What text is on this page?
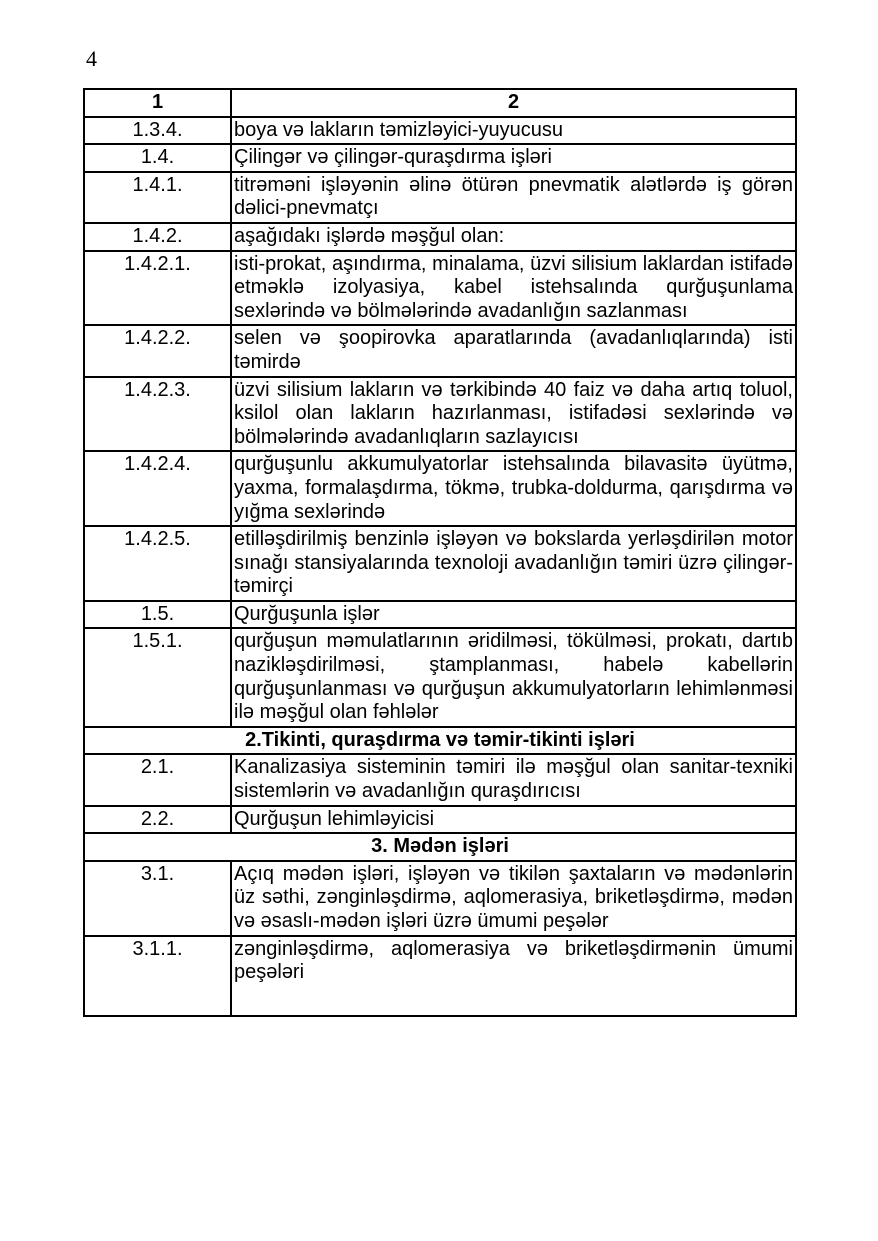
4
1	2
1.3.4.	boya və lakların təmizləyici-yuyucusu
1.4.	Çilingər və çilingər-quraşdırma işləri
1.4.1.	titrəməni işləyənin əlinə ötürən pnevmatik alətlərdə iş görən dəlici-pnevmatçı
1.4.2.	aşağıdakı işlərdə məşğul olan:
1.4.2.1.	isti-prokat, aşındırma, minalama, üzvi silisium laklardan istifadə etməklə izolyasiya, kabel istehsalında qurğuşunlama sexlərində və bölmələrində avadanlığın sazlanması
1.4.2.2.	selen və şoopirovka aparatlarında (avadanlıqlarında) isti təmirdə
1.4.2.3.	üzvi silisium lakların və tərkibində 40 faiz və daha artıq toluol, ksilol olan lakların hazırlanması, istifadəsi sexlərində və bölmələrində avadanlıqların sazlayıcısı
1.4.2.4.	qurğuşunlu akkumulyatorlar istehsalında bilavasitə üyütmə, yaxma, formalaşdırma, tökmə, trubka-doldurma, qarışdırma və yığma sexlərində
1.4.2.5.	etilləşdirilmiş benzinlə işləyən və bokslarda yerləşdirilən motor sınağı stansiyalarında texnoloji avadanlığın təmiri üzrə çilingər-təmirçi
1.5.	Qurğuşunla işlər
1.5.1.	qurğuşun məmulatlarının əridilməsi, tökülməsi, prokatı, dartıb nazikləşdirilməsi, ştamplanması, habelə kabellərin qurğuşunlanması və qurğuşun akkumulyatorların lehimlənməsi ilə məşğul olan fəhlələr
2.Tikinti, quraşdırma və təmir-tikinti işləri	
2.1.	Kanalizasiya sisteminin təmiri ilə məşğul olan sanitar-texniki sistemlərin və avadanlığın quraşdırıcısı
2.2.	Qurğuşun lehimləyicisi
3. Mədən işləri	
3.1.	Açıq mədən işləri, işləyən və tikilən şaxtaların və mədənlərin üz səthi, zənginləşdirmə, aqlomerasiya, briketləşdirmə, mədən və əsaslı-mədən işləri üzrə ümumi peşələr
3.1.1.	zənginləşdirmə, aqlomerasiya və briketləşdirmənin ümumi peşələri
